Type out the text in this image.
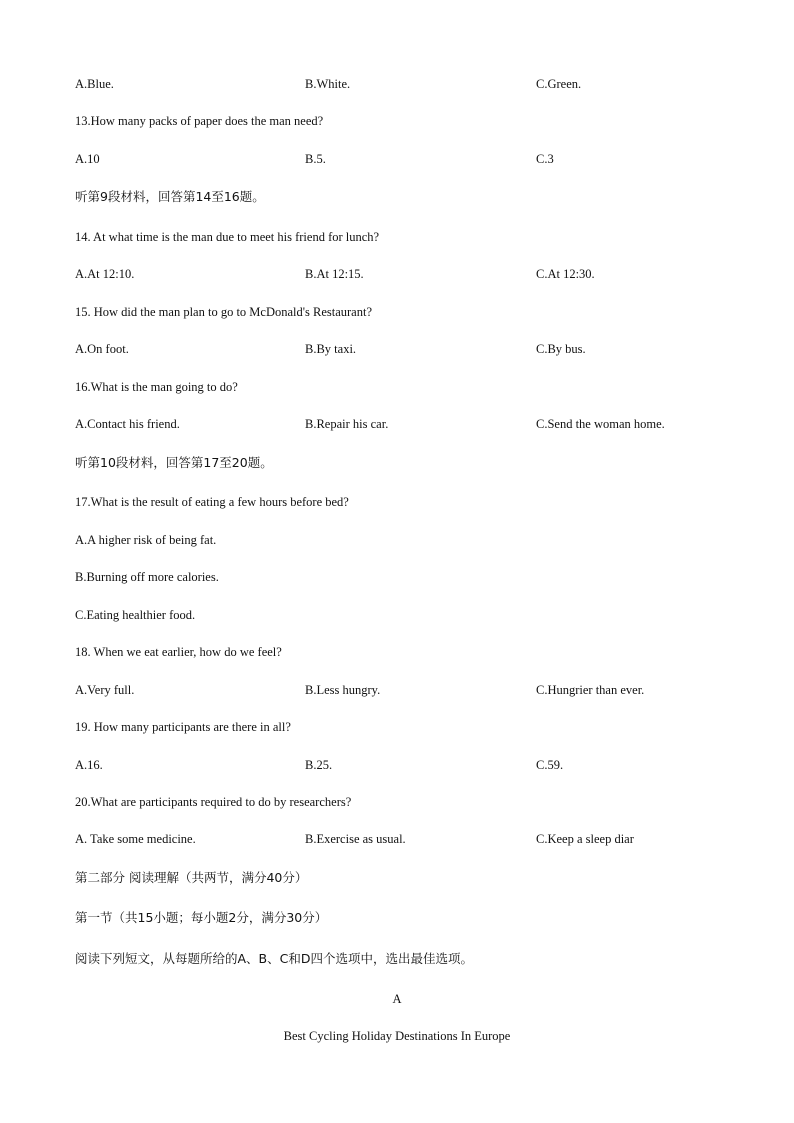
A.Blue.	B.White.	C.Green.
13.How many packs of paper does the man need?
A.10	B.5.	C.3
听第9段材料，回答第14至16题。
14. At what time is the man due to meet his friend for lunch?
A.At 12:10.	B.At 12:15.	C.At 12:30.
15. How did the man plan to go to McDonald's Restaurant?
A.On foot.	B.By taxi.	C.By bus.
16.What is the man going to do?
A.Contact his friend.	B.Repair his car.	C.Send the woman home.
听第10段材料，回答第17至20题。
17.What is the result of eating a few hours before bed?
A.A higher risk of being fat.
B.Burning off more calories.
C.Eating healthier food.
18. When we eat earlier, how do we feel?
A.Very full.	B.Less hungry.	C.Hungrier than ever.
19. How many participants are there in all?
A.16.	B.25.	C.59.
20.What are participants required to do by researchers?
A. Take some medicine.	B.Exercise as usual.	C.Keep a sleep diar
第二部分 阅读理解（共两节，满分40分）
第一节（共15小题；每小题2分，满分30分）
阅读下列短文，从每题所给的A、B、C和D四个选项中，选出最佳选项。
A
Best Cycling Holiday Destinations In Europe
